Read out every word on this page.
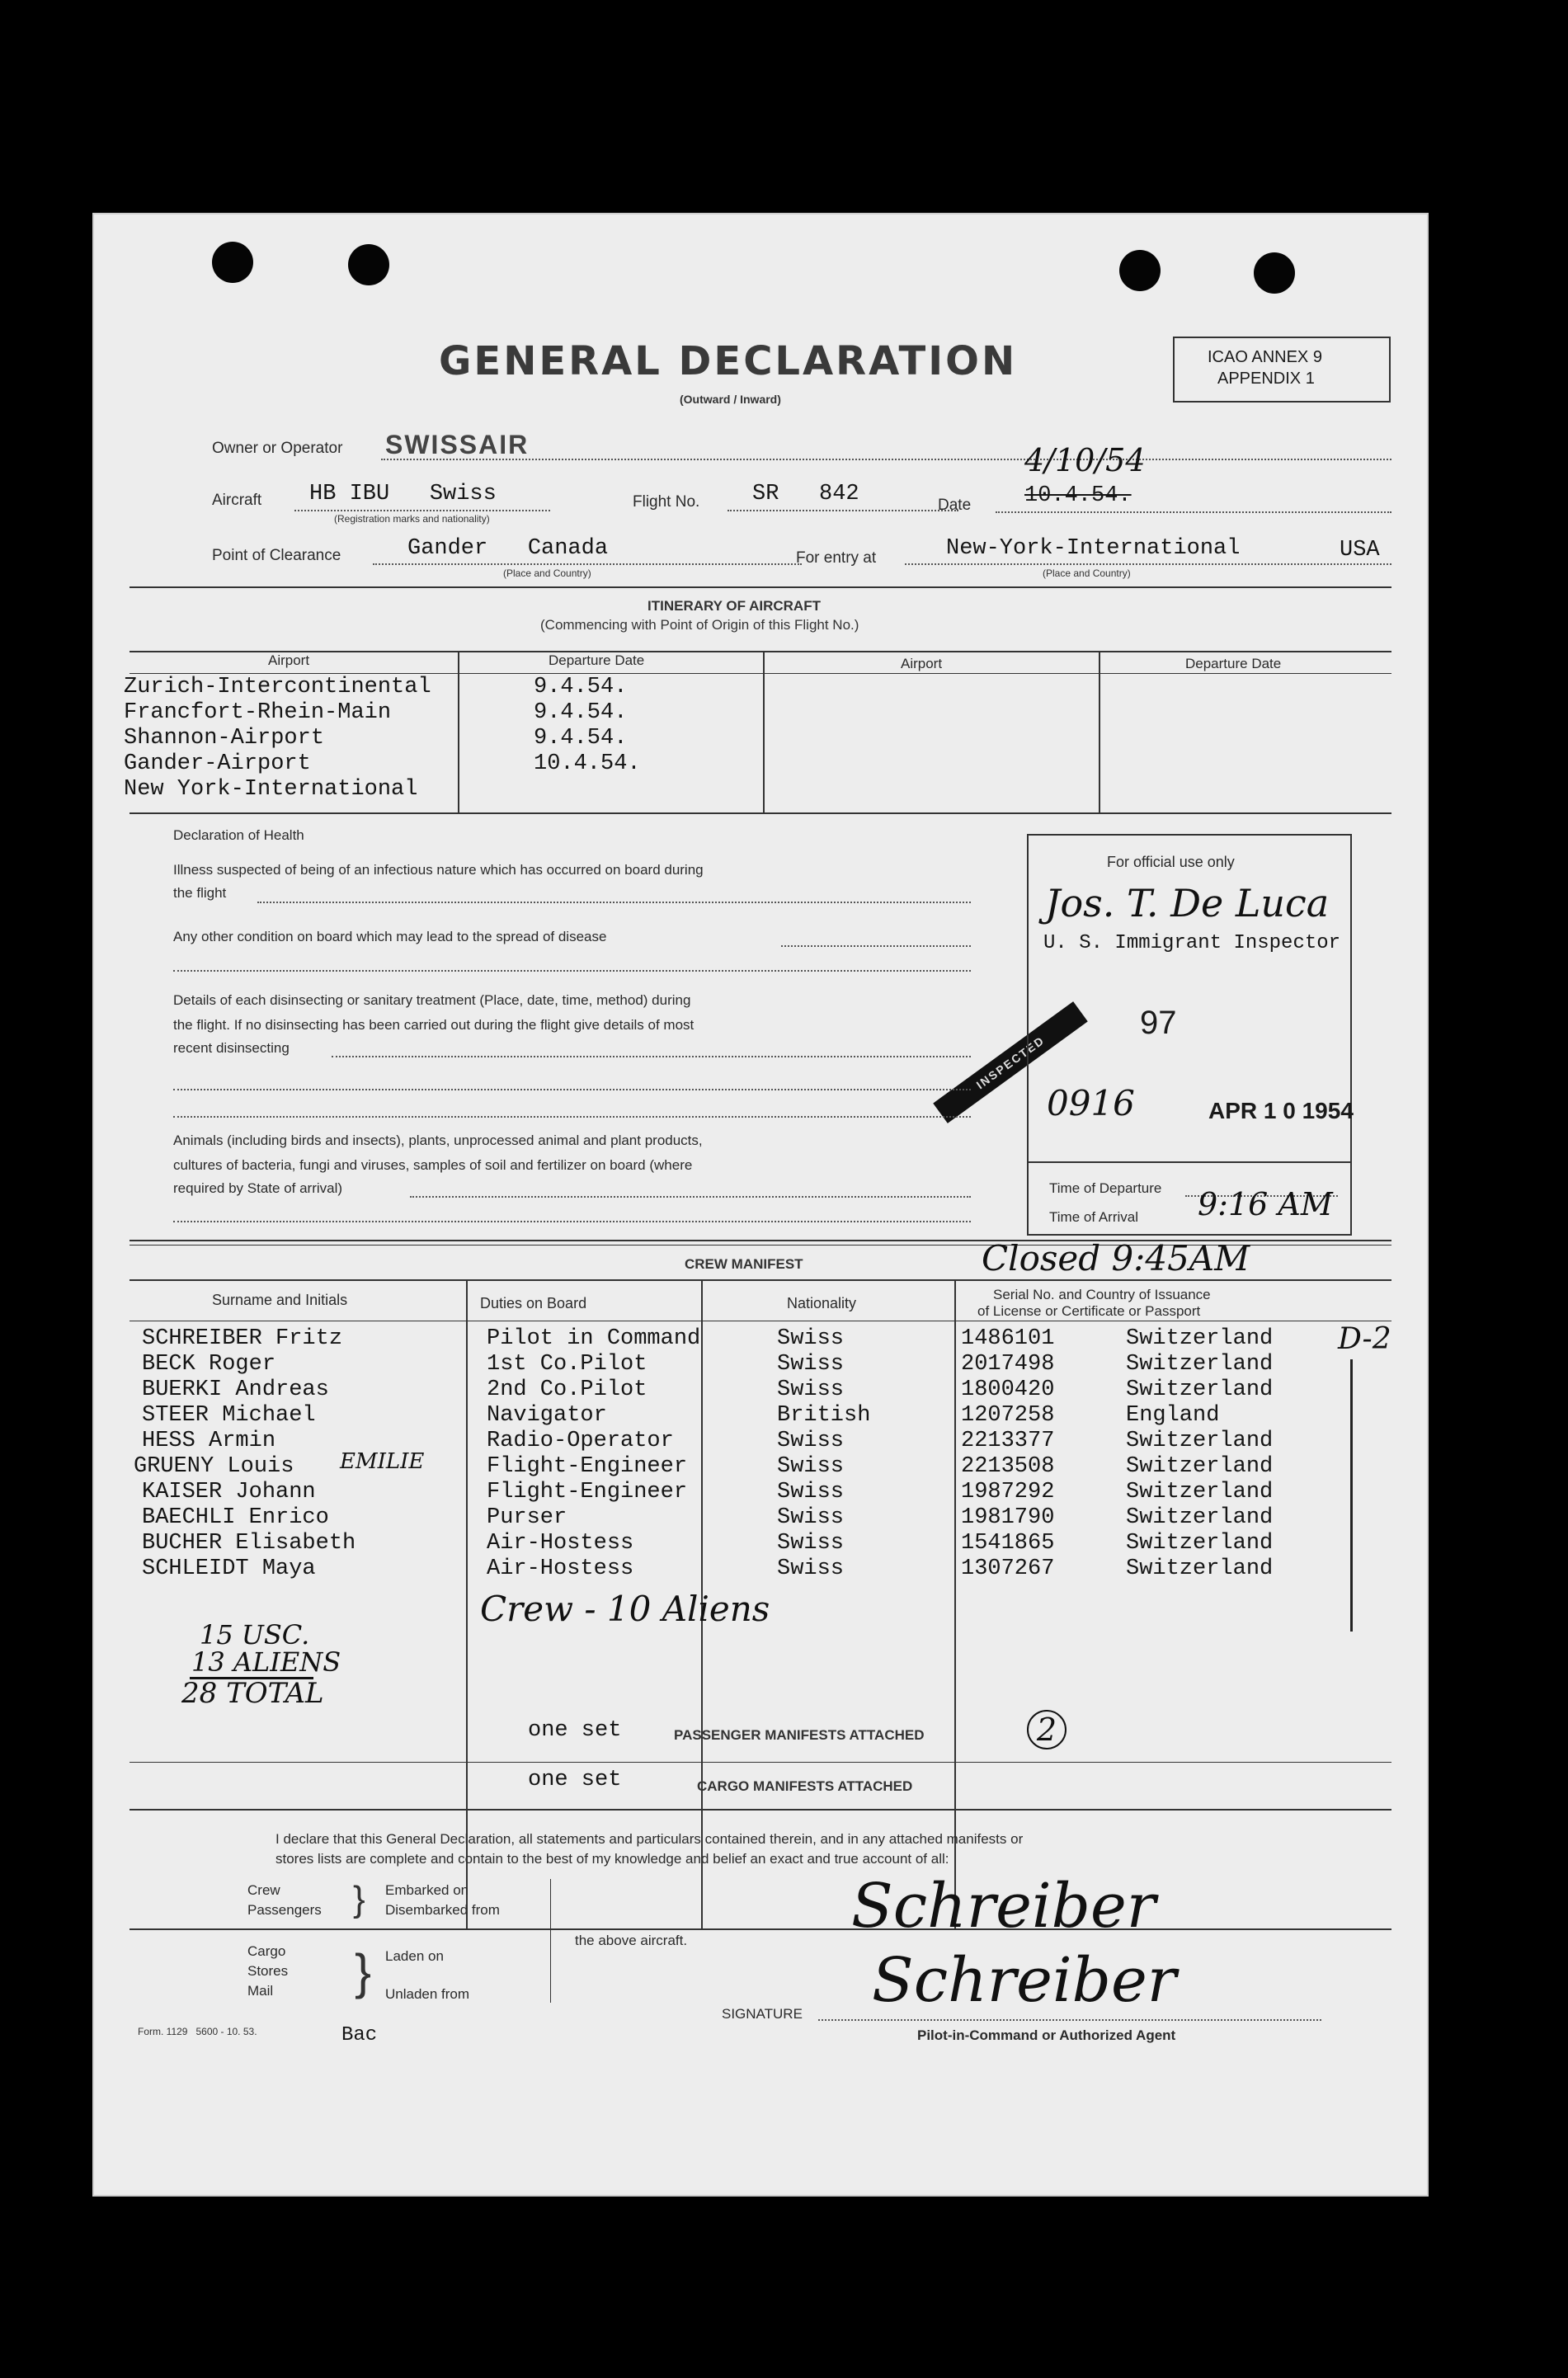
GENERAL DECLARATION
(Outward / Inward)
ICAO ANNEX 9
APPENDIX 1
Owner or Operator SWISSAIR
Aircraft HB IBU   Swiss
(Registration marks and nationality)
Flight No. SR   842	Date
4/10/54
10.4.54.
Point of Clearance	Gander   Canada
(Place and Country)
For entry at	New-York-International	USA
(Place and Country)
ITINERARY OF AIRCRAFT
(Commencing with Point of Origin of this Flight No.)
Airport	Departure Date	Airport	Departure Date
Zurich-Intercontinental	9.4.54.
Francfort-Rhein-Main	9.4.54.
Shannon-Airport	9.4.54.
Gander-Airport	10.4.54.
New York-International
INSPECTED
Declaration of Health
Illness suspected of being of an infectious nature which has occurred on board during
the flight
Any other condition on board which may lead to the spread of disease
Details of each disinsecting or sanitary treatment (Place, date, time, method) during
the flight. If no disinsecting has been carried out during the flight give details of most
recent disinsecting
Animals (including birds and insects), plants, unprocessed animal and plant products,
cultures of bacteria, fungi and viruses, samples of soil and fertilizer on board (where
required by State of arrival)
For official use only
Jos. T. De Luca
U. S. Immigrant Inspector
97
0916	APR 1 0 1954
Time of Departure
Time of Arrival 9:16 AM
CREW MANIFEST	Closed 9:45AM
Surname and Initials	Duties on Board	Nationality
Serial No. and Country of Issuance
of License or Certificate or Passport
D-2
SCHREIBER Fritz	Pilot in Command	Swiss	1486101	Switzerland
BECK Roger	1st Co.Pilot	Swiss	2017498	Switzerland
BUERKI Andreas	2nd Co.Pilot	Swiss	1800420	Switzerland
STEER Michael	Navigator	British	1207258	England
HESS Armin	Radio-Operator	Swiss	2213377	Switzerland
GRUENY Louis EMILIE	Flight-Engineer	Swiss	2213508	Switzerland
KAISER Johann	Flight-Engineer	Swiss	1987292	Switzerland
BAECHLI Enrico	Purser	Swiss	1981790	Switzerland
BUCHER Elisabeth	Air-Hostess	Swiss	1541865	Switzerland
SCHLEIDT Maya	Air-Hostess	Swiss	1307267	Switzerland
Crew - 10 Aliens
15 USC.
13 ALIENS
28 TOTAL
one set	PASSENGER MANIFESTS ATTACHED	2
one set	CARGO MANIFESTS ATTACHED
I declare that this General Declaration, all statements and particulars contained therein, and in any attached manifests or
stores lists are complete and contain to the best of my knowledge and belief an exact and true account of all:
Crew
Passengers } Embarked on
Disembarked from
Cargo
Stores
Mail } Laden on
Unladen from
the above aircraft.	Schreiber
Schreiber
SIGNATURE
Pilot-in-Command or Authorized Agent
Form. 1129   5600 - 10. 53.	Bac
